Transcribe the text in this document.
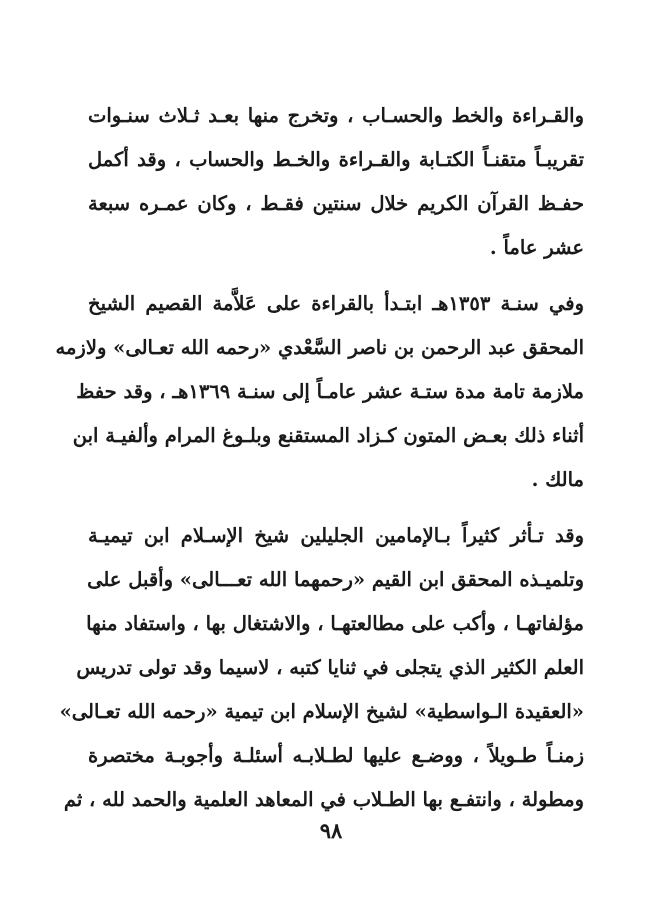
والقـراءة والخط والحسـاب ، وتخرج منها بعـد ثـلاث سنـوات
تقريبـاً متقنـاً الكتـابة والقـراءة والخـط والحساب ، وقد أكمل
حفـظ القرآن الكريم خلال سنتين فقـط ، وكان عمـره سبعة
عشر عاماً .

وفي سنـة ١٣٥٣هـ ابتـدأ بالقراءة على عَلاَّمة القصيم الشيخ
المحقق عبد الرحمن بن ناصر السَّعْدي «رحمه الله تعـالى» ولازمه
ملازمة تامة مدة ستـة عشر عامـاً إلى سنـة ١٣٦٩هـ ، وقد حفظ
أثناء ذلك بعـض المتون كـزاد المستقنع وبلـوغ المرام وألفيـة ابن
مالك .

وقد تـأثر كثيراً بـالإمامين الجليلين شيخ الإسـلام ابن تيميـة
وتلميـذه المحقق ابن القيم «رحمهما الله تعـــالى» وأقبل على
مؤلفاتهـا ، وأكب على مطالعتهـا ، والاشتغال بها ، واستفاد منها
العلم الكثير الذي يتجلى في ثنايا كتبه ، لاسيما وقد تولى تدريس
«العقيدة الـواسطية» لشيخ الإسلام ابن تيمية «رحمه الله تعـالى»
زمنـاً طـويلاً ، ووضـع عليها لطـلابـه أسئلـة وأجوبـة مختصرة
ومطولة ، وانتفـع بها الطـلاب في المعاهد العلمية والحمد لله ، ثم

٩٨
